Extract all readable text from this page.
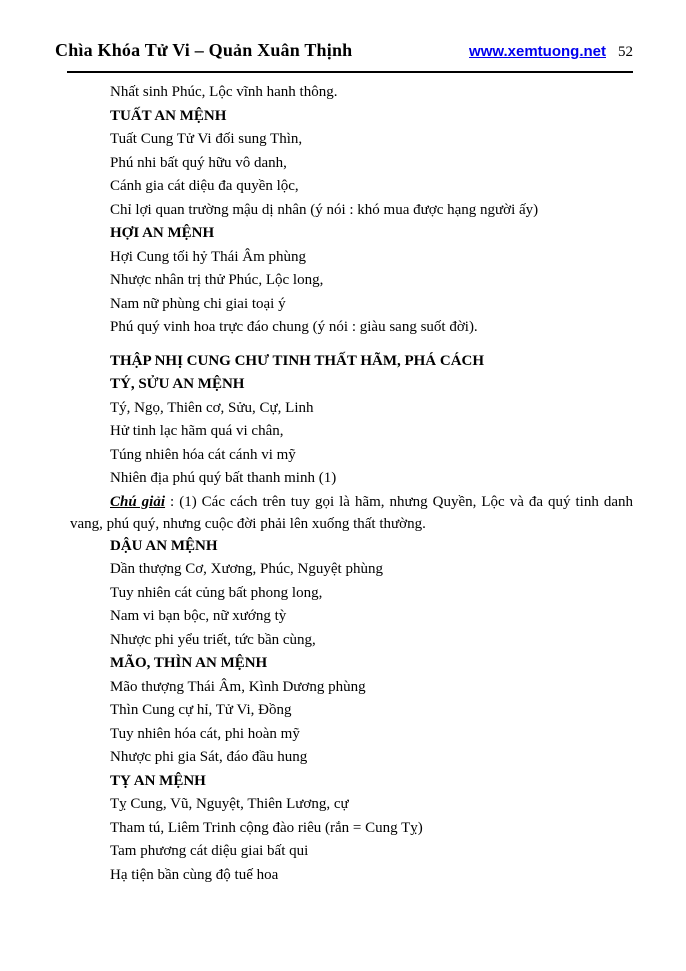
Chìa Khóa Tử Vi – Quản Xuân Thịnh	www.xemtuong.net 52

Nhất sinh Phúc, Lộc vĩnh hanh thông.

TUẤT AN MỆNH

Tuất Cung Tử Vi đối sung Thìn,

Phú nhi bất quý hữu vô danh,

Cánh gia cát diệu đa quyền lộc,

Chỉ lợi quan trường mậu dị nhân (ý nói : khó mua được hạng người ấy)

HỢI AN MỆNH

Hợi Cung tối hỷ Thái Âm phùng

Nhược nhân trị thử Phúc, Lộc long,

Nam nữ phùng chi giai toại ý

Phú quý vinh hoa trực đáo chung (ý nói : giàu sang suốt đời).

THẬP NHỊ CUNG CHƯ TINH THẤT HÃM, PHÁ CÁCH

TÝ, SỬU AN MỆNH

Tý, Ngọ, Thiên cơ, Sửu, Cự, Linh

Hử tinh lạc hãm quá vi chân,

Túng nhiên hóa cát cánh vi mỹ

Nhiên địa phú quý bất thanh minh (1)

Chú giải : (1) Các cách trên tuy gọi là hãm, nhưng Quyền, Lộc và đa quý tinh danh vang, phú quý, nhưng cuộc đời phải lên xuống thất thường.

DẬU AN MỆNH

Dần thượng Cơ, Xương, Phúc, Nguyệt phùng

Tuy nhiên cát củng bất phong long,

Nam vi bạn bộc, nữ xướng tỳ

Nhược phi yểu triết, tức bần cùng,

MÃO, THÌN AN MỆNH

Mão thượng Thái Âm, Kình Dương phùng

Thìn Cung cự hỉ, Tử Vi, Đồng

Tuy nhiên hóa cát, phi hoàn mỹ

Nhược phi gia Sát, đáo đầu hung

TỴ AN MỆNH

Tỵ Cung, Vũ, Nguyệt, Thiên Lương, cự

Tham tú, Liêm Trinh cộng đào riêu (rắn = Cung Tỵ)

Tam phương cát diệu giai bất qui

Hạ tiện bần cùng độ tuế hoa
